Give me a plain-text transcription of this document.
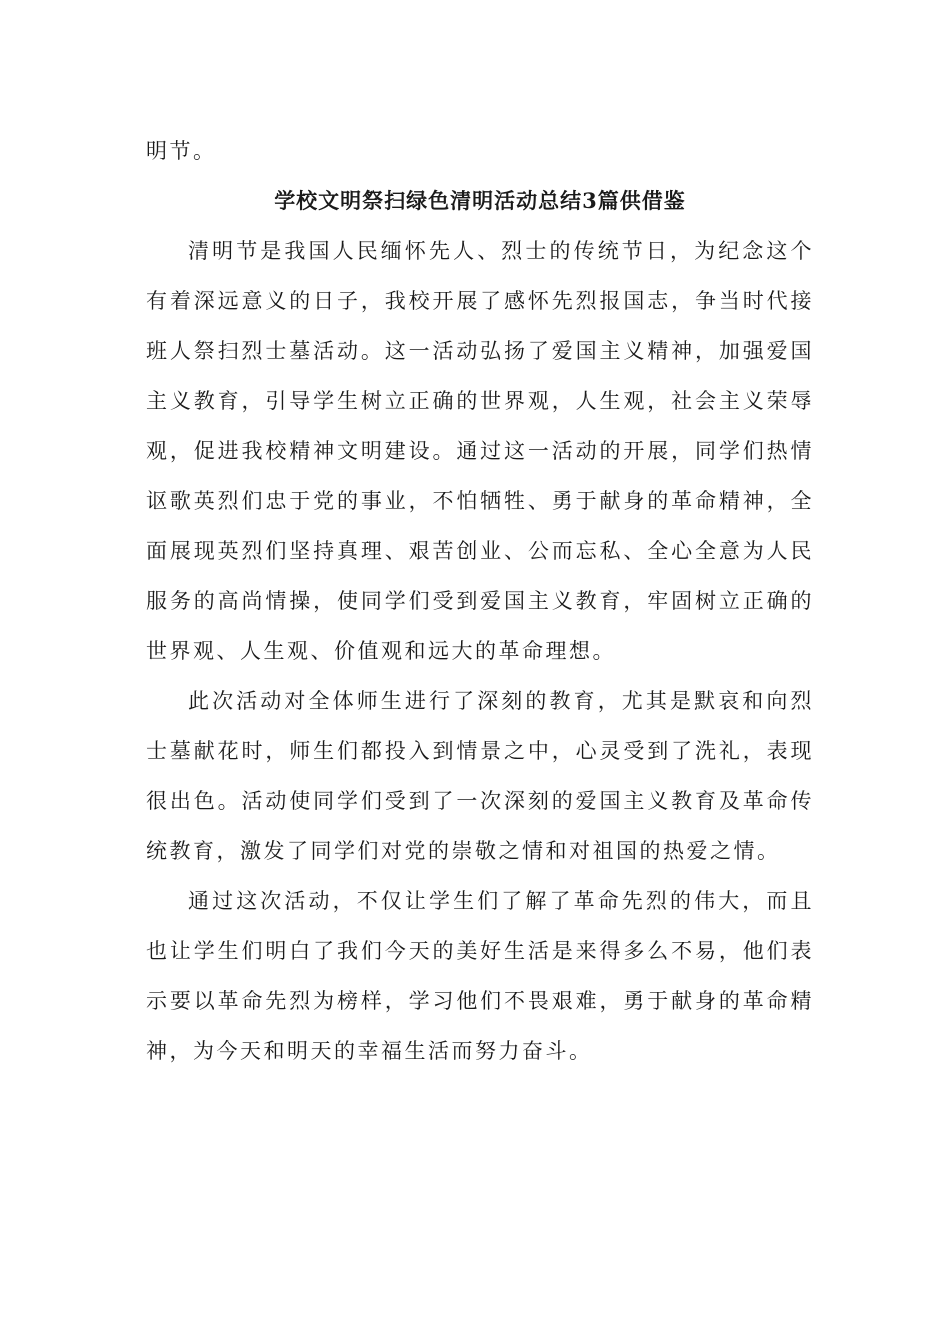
明节。

学校文明祭扫绿色清明活动总结3篇供借鉴

清明节是我国人民缅怀先人、烈士的传统节日，为纪念这个有着深远意义的日子，我校开展了感怀先烈报国志，争当时代接班人祭扫烈士墓活动。这一活动弘扬了爱国主义精神，加强爱国主义教育，引导学生树立正确的世界观，人生观，社会主义荣辱观，促进我校精神文明建设。通过这一活动的开展，同学们热情讴歌英烈们忠于党的事业，不怕牺牲、勇于献身的革命精神，全面展现英烈们坚持真理、艰苦创业、公而忘私、全心全意为人民服务的高尚情操，使同学们受到爱国主义教育，牢固树立正确的世界观、人生观、价值观和远大的革命理想。

此次活动对全体师生进行了深刻的教育，尤其是默哀和向烈士墓献花时，师生们都投入到情景之中，心灵受到了洗礼，表现很出色。活动使同学们受到了一次深刻的爱国主义教育及革命传统教育，激发了同学们对党的崇敬之情和对祖国的热爱之情。

通过这次活动，不仅让学生们了解了革命先烈的伟大，而且也让学生们明白了我们今天的美好生活是来得多么不易，他们表示要以革命先烈为榜样，学习他们不畏艰难，勇于献身的革命精神，为今天和明天的幸福生活而努力奋斗。
